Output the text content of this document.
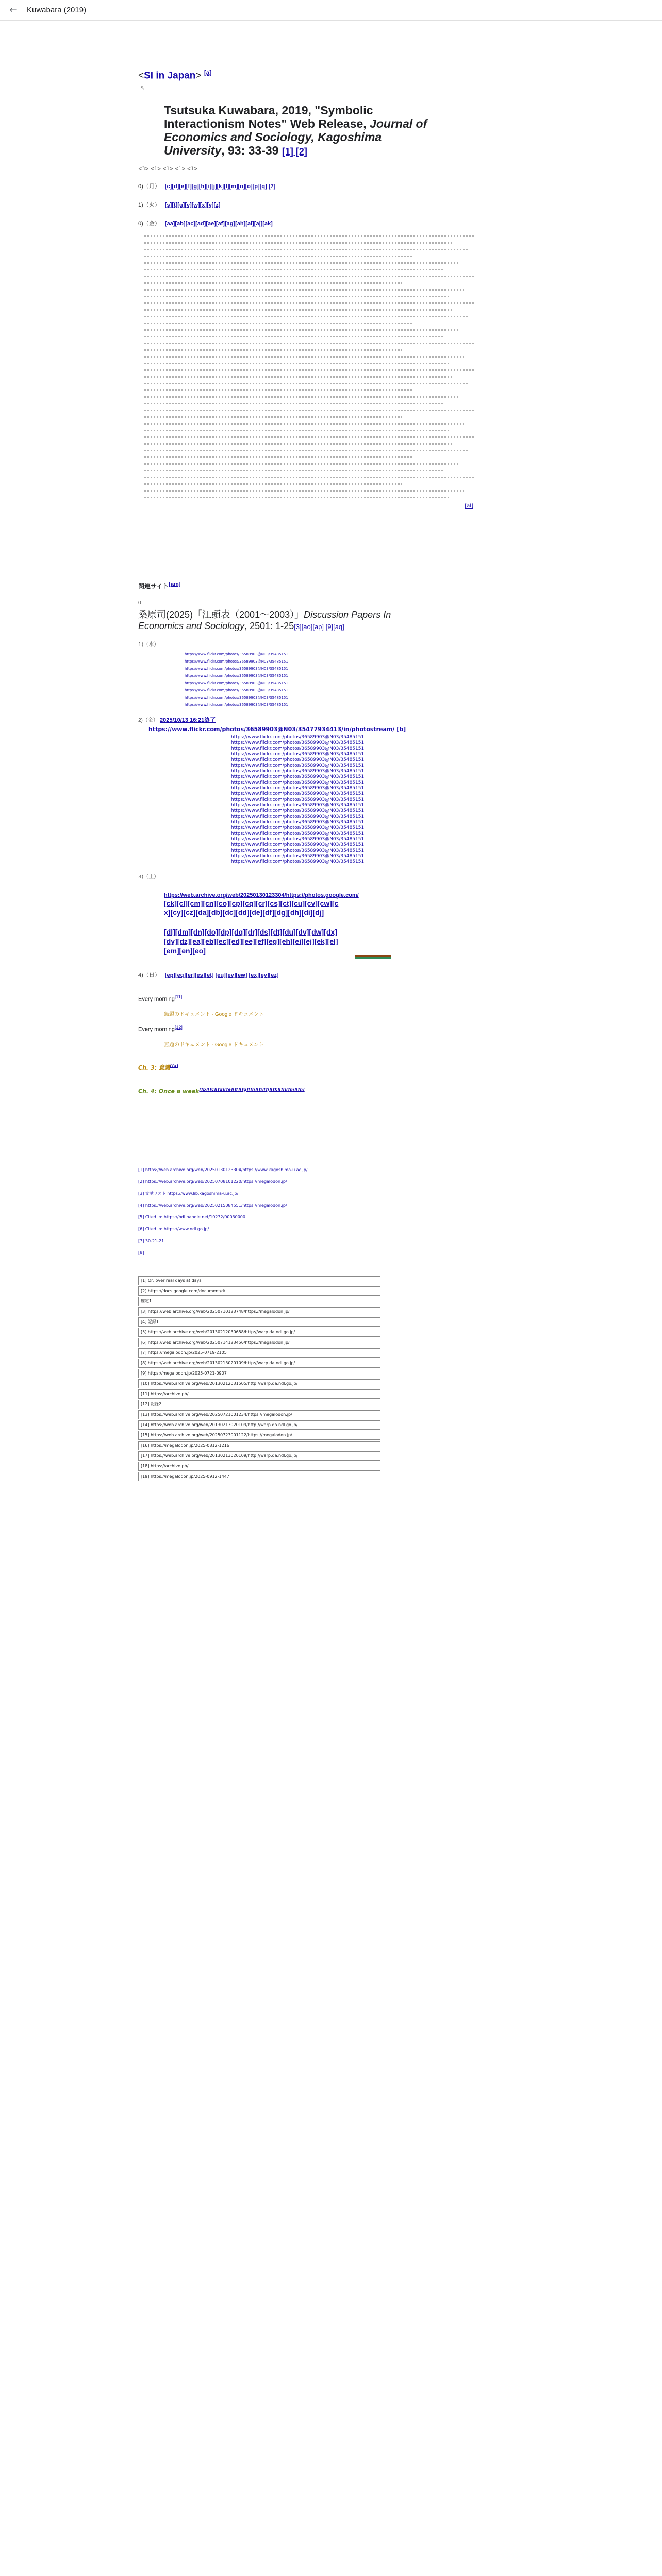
← Kuwabara (2019)
<SI in Japan> [a]
↖
Tsutsuka Kuwabara, 2019, "Symbolic Interactionism Notes" Web Release, Journal of Economics and Sociology, Kagoshima University, 93: 33-39 [1] [2]
<3> <1> <1> <1> <1>
0)（月） [c][d][e][f][g][h][i][j][k][l][m][n][o][p][q] [7]
1)（火） [s][t][u][v][w][x][y][z]
0)（金） [aa][ab][ac][ad][ae][af][ag][ah][ai][aj][ak]
[al]
関連サイト[am]
0
桑原司(2025)「江頭表（2001〜2003）」Discussion Papers In Economics and Sociology, 2501: 1-25[3][ao][ap] [9][aq]
1)（水）
https://www.flickr.com/photos/36589903@N03/35485151
https://www.flickr.com/photos/36589903@N03/35485151
https://www.flickr.com/photos/36589903@N03/35485151
https://www.flickr.com/photos/36589903@N03/35485151
https://www.flickr.com/photos/36589903@N03/35485151
https://www.flickr.com/photos/36589903@N03/35485151
https://www.flickr.com/photos/36589903@N03/35485151
https://www.flickr.com/photos/36589903@N03/35485151
2)（金） 2025/10/13 16:21終了
https://www.flickr.com/photos/36589903@N03/35477934413/in/photostream/ [b]
https://www.flickr.com/photos/36589903@N03/35485151
https://www.flickr.com/photos/36589903@N03/35485151
https://www.flickr.com/photos/36589903@N03/35485151
https://www.flickr.com/photos/36589903@N03/35485151
https://www.flickr.com/photos/36589903@N03/35485151
https://www.flickr.com/photos/36589903@N03/35485151
https://www.flickr.com/photos/36589903@N03/35485151
https://www.flickr.com/photos/36589903@N03/35485151
https://www.flickr.com/photos/36589903@N03/35485151
https://www.flickr.com/photos/36589903@N03/35485151
https://www.flickr.com/photos/36589903@N03/35485151
https://www.flickr.com/photos/36589903@N03/35485151
https://www.flickr.com/photos/36589903@N03/35485151
https://www.flickr.com/photos/36589903@N03/35485151
https://www.flickr.com/photos/36589903@N03/35485151
https://www.flickr.com/photos/36589903@N03/35485151
https://www.flickr.com/photos/36589903@N03/35485151
https://www.flickr.com/photos/36589903@N03/35485151
https://www.flickr.com/photos/36589903@N03/35485151
https://www.flickr.com/photos/36589903@N03/35485151
https://www.flickr.com/photos/36589903@N03/35485151
https://www.flickr.com/photos/36589903@N03/35485151
https://www.flickr.com/photos/36589903@N03/35485151
3)（土）
https://web.archive.org/web/20250130123304/https://photos.google.com/
[ck][cl][cm][cn][co][cp][cq][cr][cs][ct][cu][cv][cw][cx][cy][cz][da][db][dc][dd][de][df][dg][dh][di][dj]
[dl][dm][dn][do][dp][dq][dr][ds][dt][du][dv][dw][dx][dy][dz][ea][eb][ec][ed][ee][ef][eg][eh][ei][ej][ek][el][em][en][eo]
4)（日） [ep][eq][er][es][et] [eu][ev][ew] [ex][ey][ez]
Every morning[11]
無題のドキュメント - Google ドキュメント
Every morning[12]
無題のドキュメント - Google ドキュメント
Ch. 3: 意識[fa]
Ch. 4: Once a week[fb][fc][fd][fe][ff][fg][fh][fi][fj][fk][fl][fm][fn]
[1] https://web.archive.org/web/20250130123304/https://www.kagoshima-u.ac.jp/
[2] https://web.archive.org/web/20250708101220/https://megalodon.jp/
[3] 文献リスト https://www.lib.kagoshima-u.ac.jp/
[4] https://web.archive.org/web/20250215084551/https://megalodon.jp/
[5] Cited in: https://hdl.handle.net/10232/00030000
[6] Cited in: https://www.ndl.go.jp/
[7] 30-21-21
[8]
[1] Or, over real days at days
[2] https://docs.google.com/document/d/
確定1
[3] https://web.archive.org/web/20250710123748/https://megalodon.jp/
[4] 記録1
[5] https://web.archive.org/web/20130212030658/http://warp.da.ndl.go.jp/
[6] https://web.archive.org/web/20250714123456/https://megalodon.jp/
[7] https://megalodon.jp/2025-0719-2105
[8] https://web.archive.org/web/20130213020109/http://warp.da.ndl.go.jp/
[9] https://megalodon.jp/2025-0721-0907
[10] https://web.archive.org/web/20130212031505/http://warp.da.ndl.go.jp/
[11] https://archive.ph/
[12] 記録2
[13] https://web.archive.org/web/20250721001234/https://megalodon.jp/
[14] https://web.archive.org/web/20130213020109/http://warp.da.ndl.go.jp/
[15] https://web.archive.org/web/20250723001122/https://megalodon.jp/
[16] https://megalodon.jp/2025-0812-1216
[17] https://web.archive.org/web/20130213020109/http://warp.da.ndl.go.jp/
[18] https://archive.ph/
[19] https://megalodon.jp/2025-0912-1447
